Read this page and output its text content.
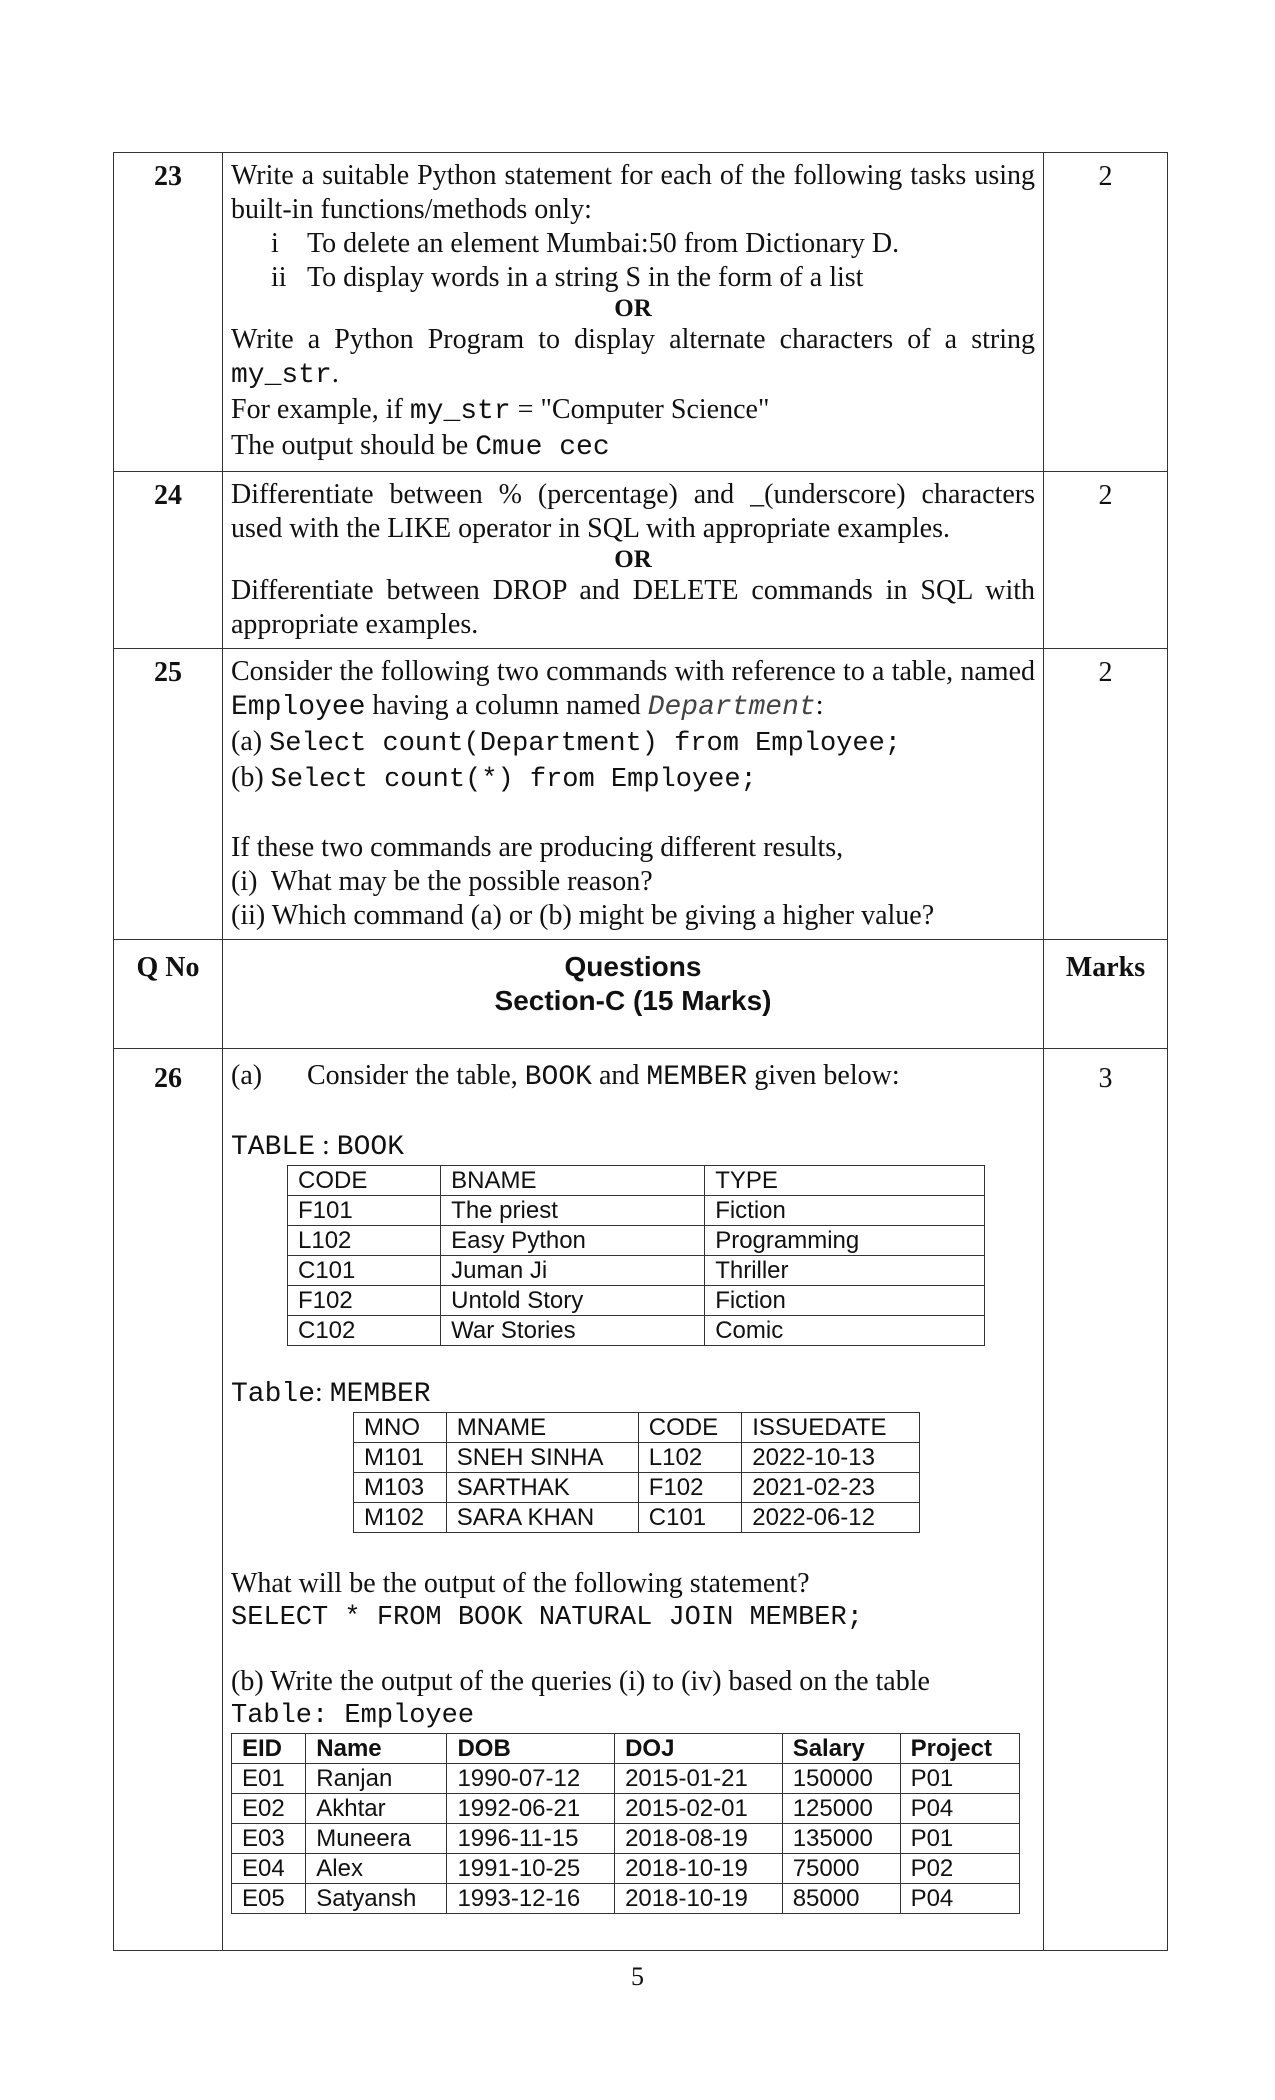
23	Write a suitable Python statement for each of the following tasks using built-in functions/methods only:
i To delete an element Mumbai:50 from Dictionary D.
ii To display words in a string S in the form of a list
OR
Write a Python Program to display alternate characters of a string my_str.
For example, if my_str = "Computer Science"
The output should be Cmue cec
	2
24	Differentiate between % (percentage) and _(underscore) characters used with the LIKE operator in SQL with appropriate examples.
OR
Differentiate between DROP and DELETE commands in SQL with appropriate examples.
	2
25	Consider the following two commands with reference to a table, named Employee having a column named Department:
(a) Select count(Department) from Employee;
(b) Select count(*) from Employee;
If these two commands are producing different results,
(i)  What may be the possible reason?
(ii) Which command (a) or (b) might be giving a higher value?
	2
Q No	Questions
Section-C (15 Marks)
	Marks
26	(a) Consider the table, BOOK and MEMBER given below:
TABLE : BOOK
CODE	BNAME	TYPE
F101	The priest	Fiction
L102	Easy Python	Programming
C101	Juman Ji	Thriller
F102	Untold Story	Fiction
C102	War Stories	Comic
Table: MEMBER
MNO	MNAME	CODE	ISSUEDATE
M101	SNEH SINHA	L102	2022-10-13
M103	SARTHAK	F102	2021-02-23
M102	SARA KHAN	C101	2022-06-12
What will be the output of the following statement?
SELECT * FROM BOOK NATURAL JOIN MEMBER;
(b) Write the output of the queries (i) to (iv) based on the table
Table: Employee
EID	Name	DOB	DOJ	Salary	Project
E01	Ranjan	1990-07-12	2015-01-21	150000	P01
E02	Akhtar	1992-06-21	2015-02-01	125000	P04
E03	Muneera	1996-11-15	2018-08-19	135000	P01
E04	Alex	1991-10-25	2018-10-19	75000	P02
E05	Satyansh	1993-12-16	2018-10-19	85000	P04
	3
5
